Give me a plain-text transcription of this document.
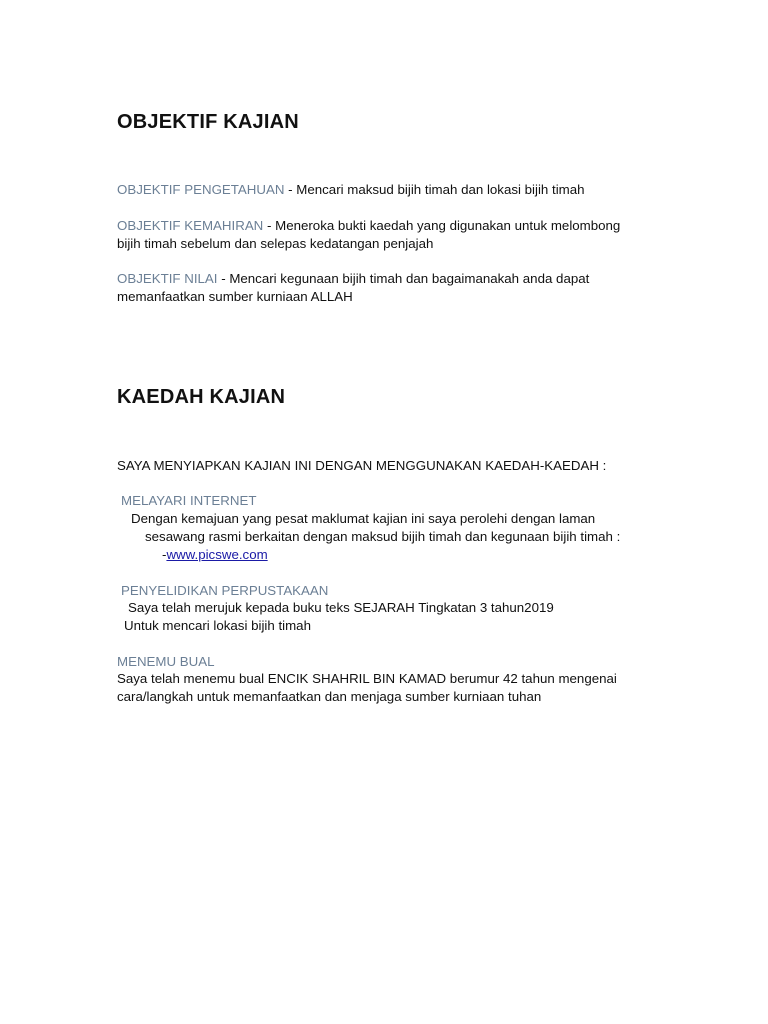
OBJEKTIF KAJIAN
OBJEKTIF PENGETAHUAN - Mencari maksud bijih timah dan lokasi bijih timah
OBJEKTIF KEMAHIRAN - Meneroka bukti kaedah yang digunakan untuk melombong
bijih timah sebelum dan selepas kedatangan penjajah
OBJEKTIF NILAI - Mencari kegunaan bijih timah dan bagaimanakah anda dapat
memanfaatkan sumber kurniaan ALLAH
KAEDAH KAJIAN
SAYA MENYIAPKAN KAJIAN INI DENGAN MENGGUNAKAN KAEDAH-KAEDAH :
MELAYARI INTERNET
Dengan kemajuan yang pesat maklumat kajian ini saya perolehi dengan laman
sesawang rasmi berkaitan dengan maksud bijih timah dan kegunaan bijih timah :
-www.picswe.com
PENYELIDIKAN PERPUSTAKAAN
Saya telah merujuk kepada buku teks SEJARAH Tingkatan 3 tahun2019
Untuk mencari lokasi bijih timah
MENEMU BUAL
Saya telah menemu bual ENCIK SHAHRIL BIN KAMAD berumur 42 tahun mengenai
cara/langkah untuk memanfaatkan dan menjaga sumber kurniaan tuhan
